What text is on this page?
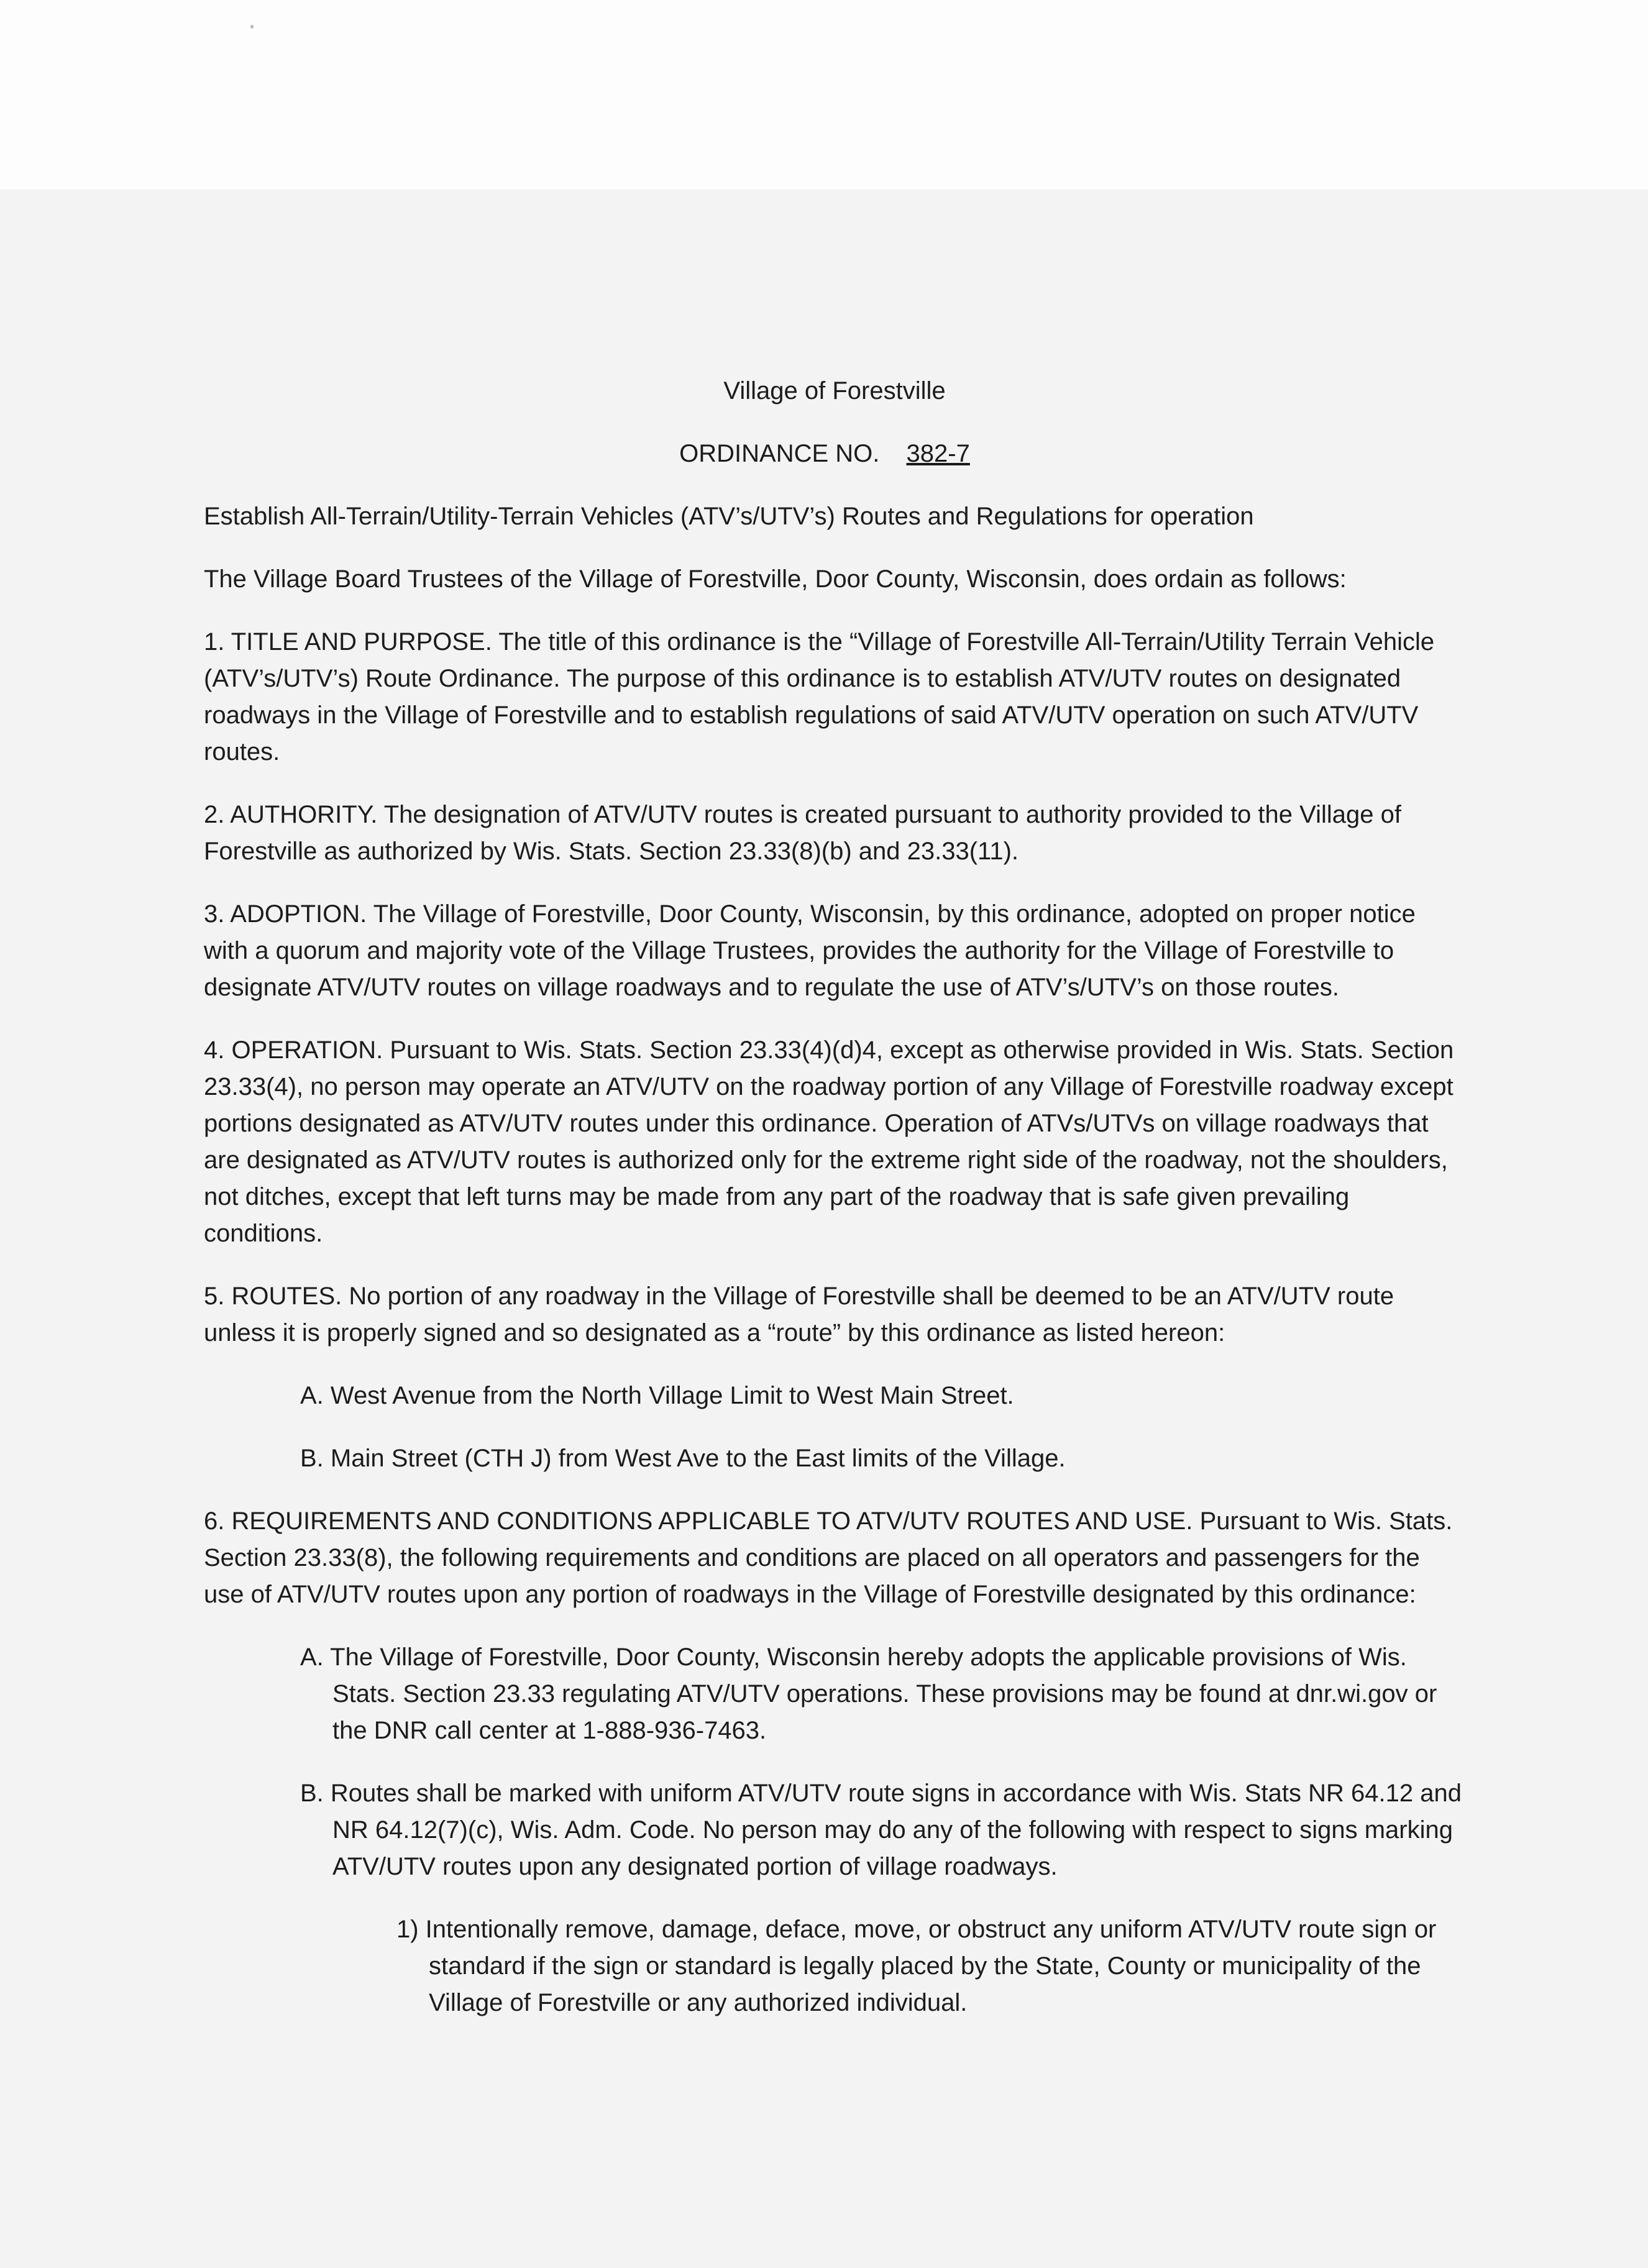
Village of Forestville
ORDINANCE NO. 382-7

Establish All-Terrain/Utility-Terrain Vehicles (ATV’s/UTV’s) Routes and Regulations for operation

The Village Board Trustees of the Village of Forestville, Door County, Wisconsin, does ordain as follows:

1. TITLE AND PURPOSE. The title of this ordinance is the “Village of Forestville All-Terrain/Utility Terrain Vehicle (ATV’s/UTV’s) Route Ordinance. The purpose of this ordinance is to establish ATV/UTV routes on designated roadways in the Village of Forestville and to establish regulations of said ATV/UTV operation on such ATV/UTV routes.

2. AUTHORITY. The designation of ATV/UTV routes is created pursuant to authority provided to the Village of Forestville as authorized by Wis. Stats. Section 23.33(8)(b) and 23.33(11).

3. ADOPTION. The Village of Forestville, Door County, Wisconsin, by this ordinance, adopted on proper notice with a quorum and majority vote of the Village Trustees, provides the authority for the Village of Forestville to designate ATV/UTV routes on village roadways and to regulate the use of ATV’s/UTV’s on those routes.

4. OPERATION. Pursuant to Wis. Stats. Section 23.33(4)(d)4, except as otherwise provided in Wis. Stats. Section 23.33(4), no person may operate an ATV/UTV on the roadway portion of any Village of Forestville roadway except portions designated as ATV/UTV routes under this ordinance. Operation of ATVs/UTVs on village roadways that are designated as ATV/UTV routes is authorized only for the extreme right side of the roadway, not the shoulders, not ditches, except that left turns may be made from any part of the roadway that is safe given prevailing conditions.

5. ROUTES. No portion of any roadway in the Village of Forestville shall be deemed to be an ATV/UTV route unless it is properly signed and so designated as a “route” by this ordinance as listed hereon:

A. West Avenue from the North Village Limit to West Main Street.

B. Main Street (CTH J) from West Ave to the East limits of the Village.

6. REQUIREMENTS AND CONDITIONS APPLICABLE TO ATV/UTV ROUTES AND USE. Pursuant to Wis. Stats. Section 23.33(8), the following requirements and conditions are placed on all operators and passengers for the use of ATV/UTV routes upon any portion of roadways in the Village of Forestville designated by this ordinance:

A. The Village of Forestville, Door County, Wisconsin hereby adopts the applicable provisions of Wis. Stats. Section 23.33 regulating ATV/UTV operations. These provisions may be found at dnr.wi.gov or the DNR call center at 1-888-936-7463.

B. Routes shall be marked with uniform ATV/UTV route signs in accordance with Wis. Stats NR 64.12 and NR 64.12(7)(c), Wis. Adm. Code. No person may do any of the following with respect to signs marking ATV/UTV routes upon any designated portion of village roadways.

1) Intentionally remove, damage, deface, move, or obstruct any uniform ATV/UTV route sign or standard if the sign or standard is legally placed by the State, County or municipality of the Village of Forestville or any authorized individual.
